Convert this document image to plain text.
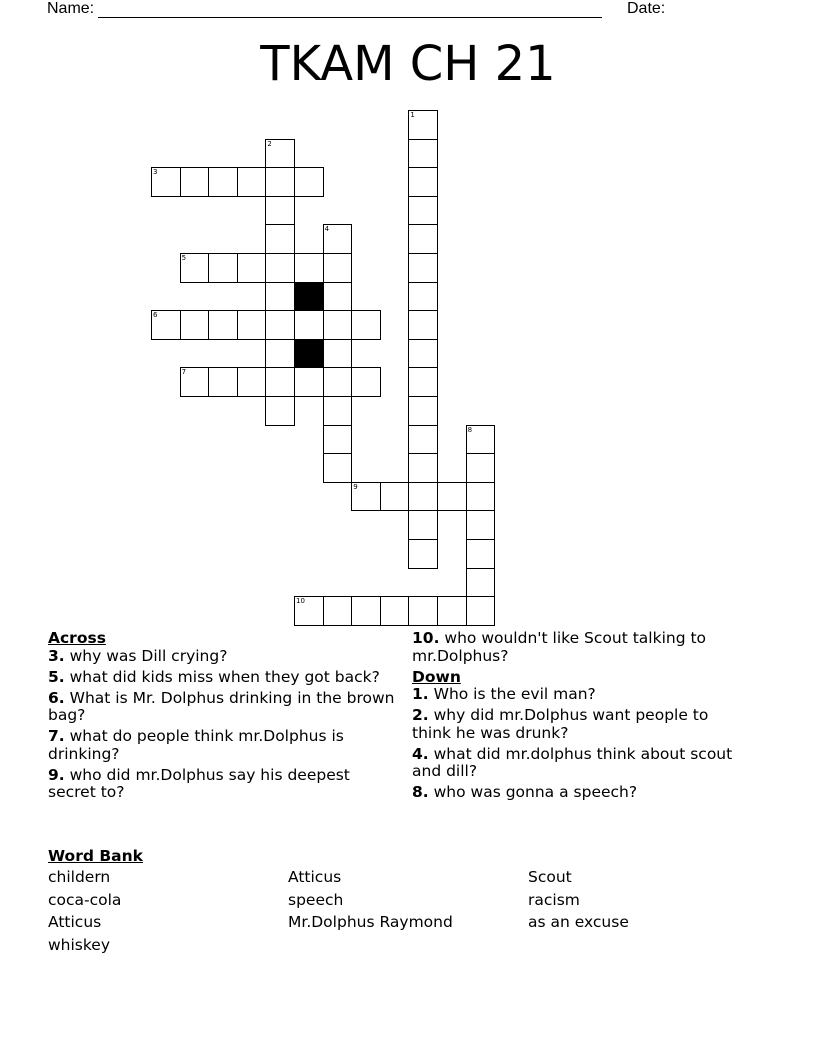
Name:	Date:
TKAM CH 21
1
2
3
4
5
6
7
8
9
10
Across
3. why was Dill crying?
5. what did kids miss when they got back?
6. What is Mr. Dolphus drinking in the brown bag?
7. what do people think mr.Dolphus is drinking?
9. who did mr.Dolphus say his deepest secret to?
10. who wouldn't like Scout talking to mr.Dolphus?
Down
1. Who is the evil man?
2. why did mr.Dolphus want people to think he was drunk?
4. what did mr.dolphus think about scout and dill?
8. who was gonna a speech?
Word Bank
childern	Atticus	Scout
coca-cola	speech	racism
Atticus	Mr.Dolphus Raymond	as an excuse
whiskey
